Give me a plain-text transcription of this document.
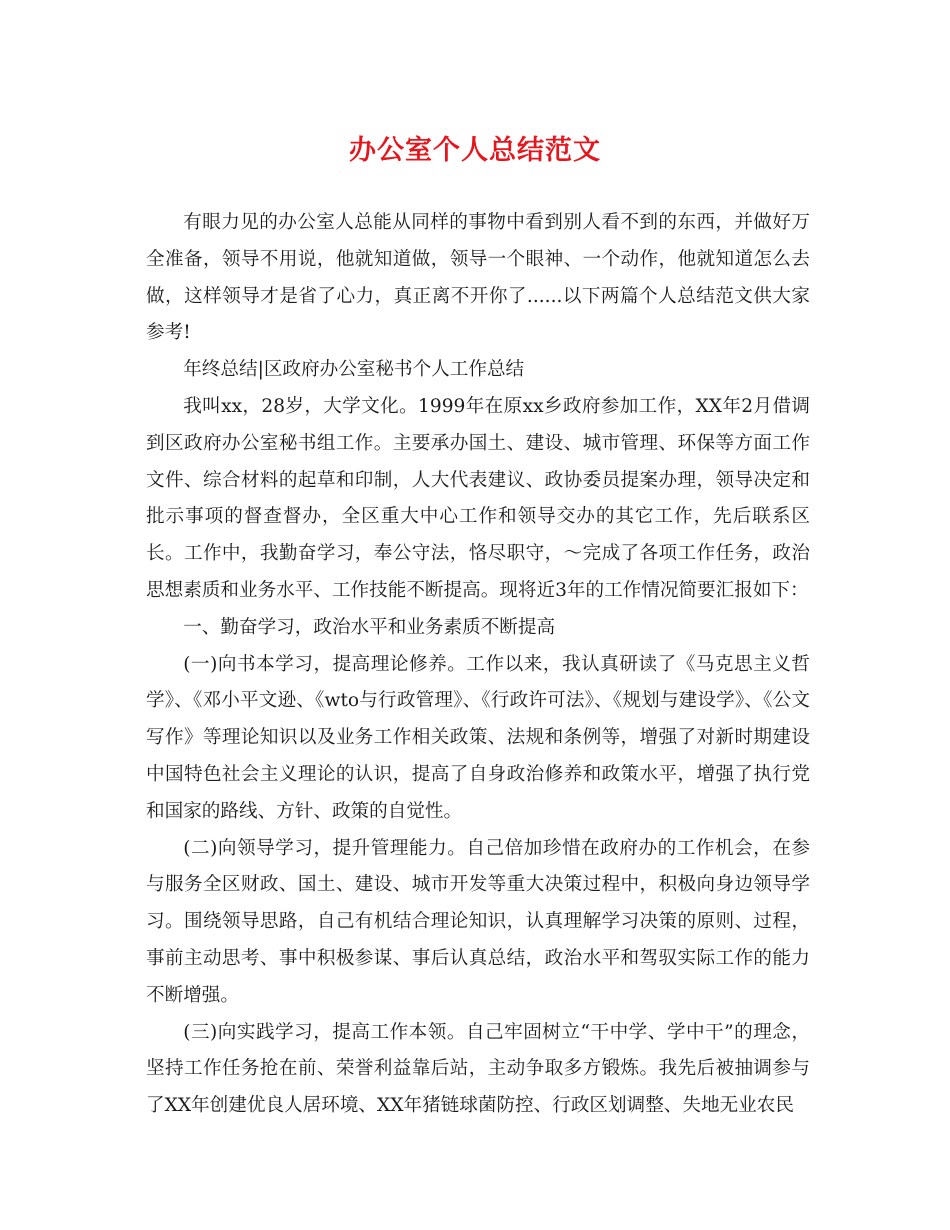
办公室个人总结范文

有眼力见的办公室人总能从同样的事物中看到别人看不到的东西，并做好万全准备，领导不用说，他就知道做，领导一个眼神、一个动作，他就知道怎么去做，这样领导才是省了心力，真正离不开你了......以下两篇个人总结范文供大家参考!

年终总结|区政府办公室秘书个人工作总结

我叫xx，28岁，大学文化。1999年在原xx乡政府参加工作，XX年2月借调到区政府办公室秘书组工作。主要承办国土、建设、城市管理、环保等方面工作文件、综合材料的起草和印制，人大代表建议、政协委员提案办理，领导决定和批示事项的督查督办，全区重大中心工作和领导交办的其它工作，先后联系区长。工作中，我勤奋学习，奉公守法，恪尽职守，～完成了各项工作任务，政治思想素质和业务水平、工作技能不断提高。现将近3年的工作情况简要汇报如下：

一、勤奋学习，政治水平和业务素质不断提高

(一)向书本学习，提高理论修养。工作以来，我认真研读了《马克思主义哲学》、《邓小平文逊、《wto与行政管理》、《行政许可法》、《规划与建设学》、《公文写作》等理论知识以及业务工作相关政策、法规和条例等，增强了对新时期建设中国特色社会主义理论的认识，提高了自身政治修养和政策水平，增强了执行党和国家的路线、方针、政策的自觉性。

(二)向领导学习，提升管理能力。自己倍加珍惜在政府办的工作机会，在参与服务全区财政、国土、建设、城市开发等重大决策过程中，积极向身边领导学习。围绕领导思路，自己有机结合理论知识，认真理解学习决策的原则、过程，事前主动思考、事中积极参谋、事后认真总结，政治水平和驾驭实际工作的能力不断增强。

(三)向实践学习，提高工作本领。自己牢固树立“干中学、学中干”的理念，坚持工作任务抢在前、荣誉利益靠后站，主动争取多方锻炼。我先后被抽调参与了XX年创建优良人居环境、XX年猪链球菌防控、行政区划调整、失地无业农民
